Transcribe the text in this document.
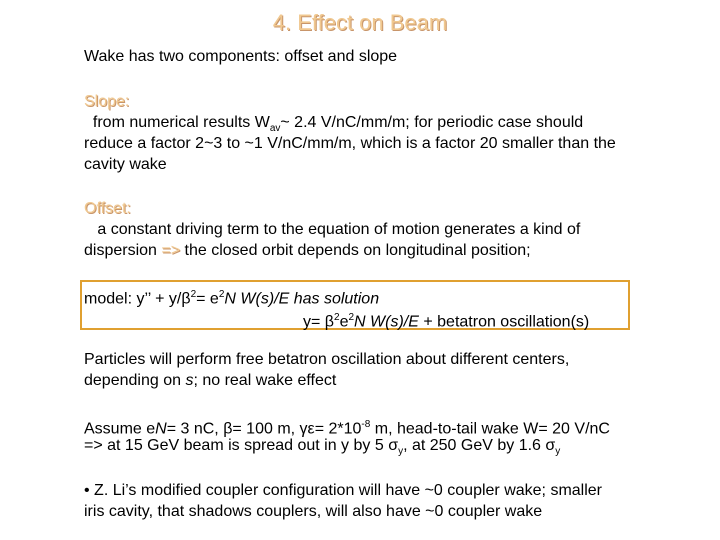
4. Effect on Beam
Wake has two components: offset and slope
Slope:
from numerical results $W_{av}\sim$ 2.4 V/nC/mm/m; for periodic case should
reduce a factor 2~3 to ~1 V/nC/mm/m, which is a factor 20 smaller than the
cavity wake
Offset:
a constant driving term to the equation of motion generates a kind of
dispersion => the closed orbit depends on longitudinal position;
model: y’’ + $y/\beta^2= e^2N$ W(s)/E has solution
$y= \beta^2e^2N$ W(s)/E + betatron oscillation(s)
Particles will perform free betatron oscillation about different centers,
depending on s; no real wake effect
Assume eN= 3 nC, β= 100 m, $\gamma\varepsilon= 2*10^{-8}$ m, head-to-tail wake W= 20 V/nC
=> at 15 GeV beam is spread out in y by 5 $\sigma_y$, at 250 GeV by 1.6 $\sigma_y$
• Z. Li’s modified coupler configuration will have ~0 coupler wake; smaller
iris cavity, that shadows couplers, will also have ~0 coupler wake
